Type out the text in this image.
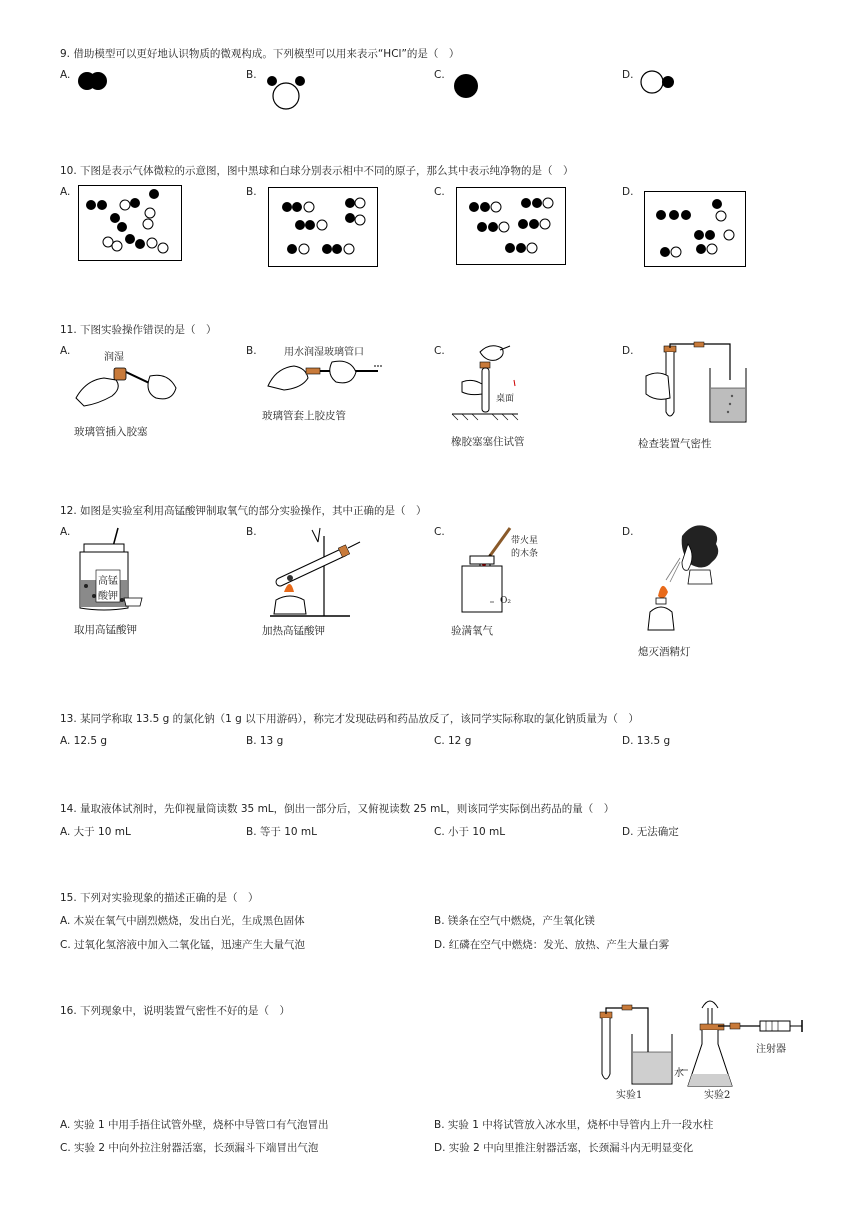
9. 借助模型可以更好地认识物质的微观构成。下列模型可以用来表示“HCl”的是（　）
A.	B.	C.	D.
10. 下图是表示气体微粒的示意图，图中黑球和白球分别表示相中不同的原子，那么其中表示纯净物的是（　）
A.	B.	C.	D.
11. 下图实验操作错误的是（　）
A.	B.	C.	D.
润湿
玻璃管插入胶塞
用水润湿玻璃管口
玻璃管套上胶皮管
桌面
橡胶塞塞住试管	检查装置气密性
12. 如图是实验室利用高锰酸钾制取氧气的部分实验操作，其中正确的是（　）
A.	B.	C.	D.
高锰
酸钾
取用高锰酸钾	加热高锰酸钾
带火星
的木条
O₂
验满氧气
熄灭酒精灯
13. 某同学称取 13.5 g 的氯化钠（1 g 以下用游码），称完才发现砝码和药品放反了，该同学实际称取的氯化钠质量为（　）
A. 12.5 g	B. 13 g	C. 12 g	D. 13.5 g
14. 量取液体试剂时，先仰视量筒读数 35 mL，倒出一部分后，又俯视读数 25 mL，则该同学实际倒出药品的量（　）
A. 大于 10 mL	B. 等于 10 mL	C. 小于 10 mL	D. 无法确定
15. 下列对实验现象的描述正确的是（　）
A. 木炭在氧气中剧烈燃烧，发出白光，生成黑色固体	B. 镁条在空气中燃烧，产生氧化镁
C. 过氧化氢溶液中加入二氧化锰，迅速产生大量气泡	D. 红磷在空气中燃烧：发光、放热、产生大量白雾
16. 下列现象中，说明装置气密性不好的是（　）
注射器
水
实验1	实验2
A. 实验 1 中用手捂住试管外壁，烧杯中导管口有气泡冒出	B. 实验 1 中将试管放入冰水里，烧杯中导管内上升一段水柱
C. 实验 2 中向外拉注射器活塞，长颈漏斗下端冒出气泡	D. 实验 2 中向里推注射器活塞，长颈漏斗内无明显变化
